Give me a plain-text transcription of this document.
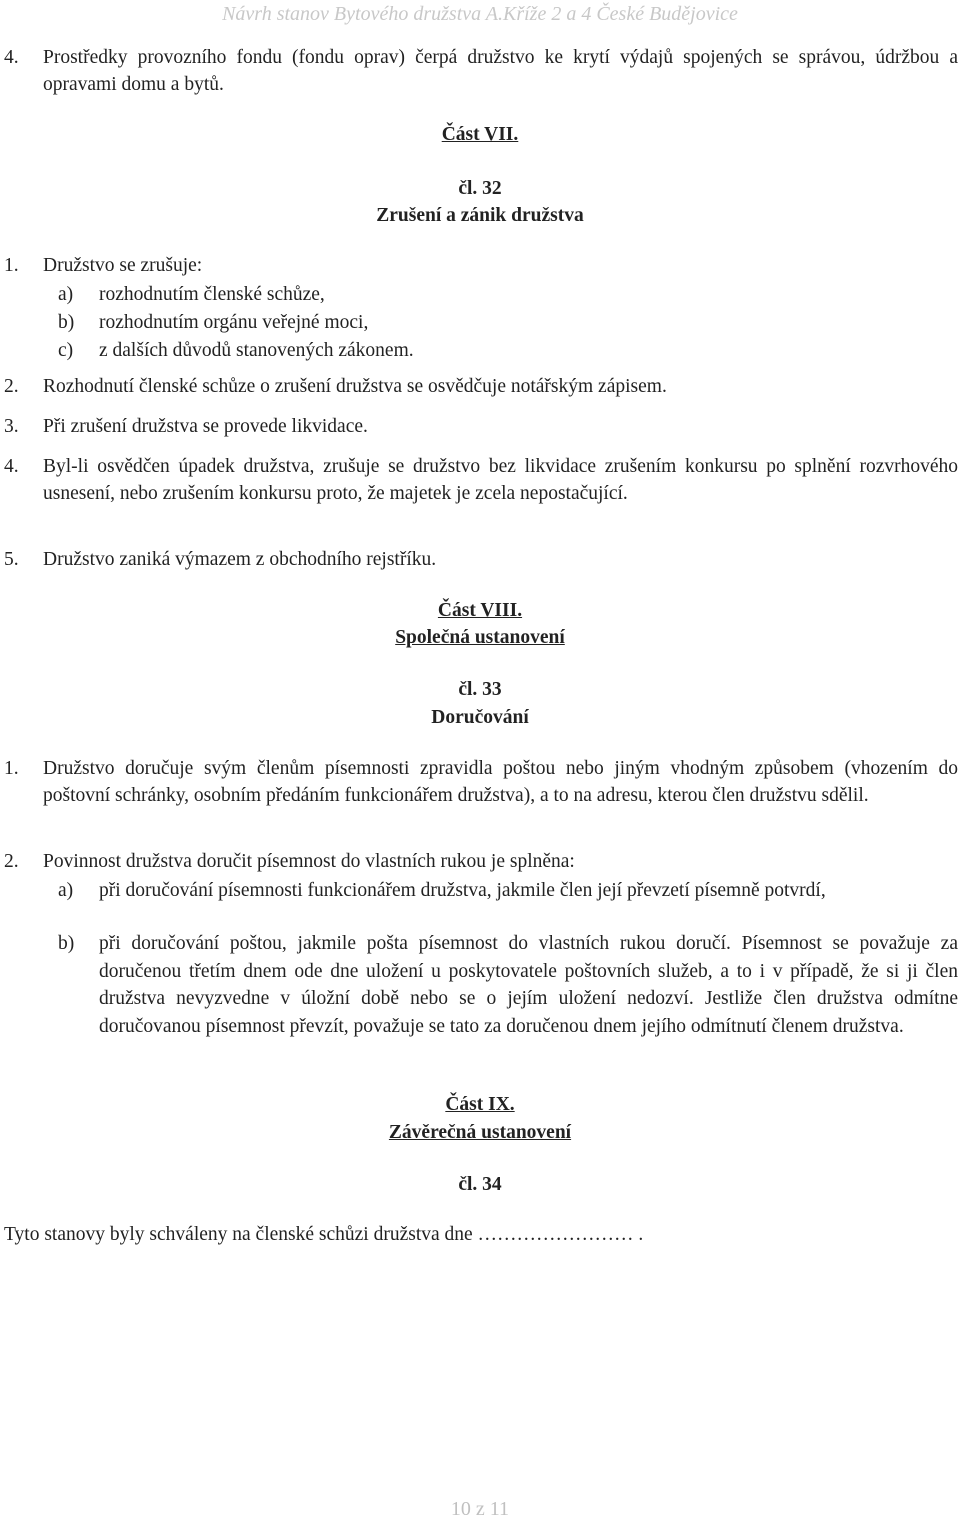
Návrh stanov Bytového družstva A.Kříže 2 a 4 České Budějovice
4. Prostředky provozního fondu (fondu oprav) čerpá družstvo ke krytí výdajů spojených se správou, údržbou a opravami domu a bytů.
Část VII.
čl. 32
Zrušení a zánik družstva
1. Družstvo se zrušuje:
a) rozhodnutím členské schůze,
b) rozhodnutím orgánu veřejné moci,
c) z dalších důvodů stanovených zákonem.
2. Rozhodnutí členské schůze o zrušení družstva se osvědčuje notářským zápisem.
3. Při zrušení družstva se provede likvidace.
4. Byl-li osvědčen úpadek družstva, zrušuje se družstvo bez likvidace zrušením konkursu po splnění rozvrhového usnesení, nebo zrušením konkursu proto, že majetek je zcela nepostačující.
5. Družstvo zaniká výmazem z obchodního rejstříku.
Část VIII.
Společná ustanovení
čl. 33
Doručování
1. Družstvo doručuje svým členům písemnosti zpravidla poštou nebo jiným vhodným způsobem (vhozením do poštovní schránky, osobním předáním funkcionářem družstva), a to na adresu, kterou člen družstvu sdělil.
2. Povinnost družstva doručit písemnost do vlastních rukou je splněna:
a) při doručování písemnosti funkcionářem družstva, jakmile člen její převzetí písemně potvrdí,
b) při doručování poštou, jakmile pošta písemnost do vlastních rukou doručí. Písemnost se považuje za doručenou třetím dnem ode dne uložení u poskytovatele poštovních služeb, a to i v případě, že si ji člen družstva nevyzvedne v úložní době nebo se o jejím uložení nedozví. Jestliže člen družstva odmítne doručovanou písemnost převzít, považuje se tato za doručenou dnem jejího odmítnutí členem družstva.
Část IX.
Závěrečná ustanovení
čl. 34
Tyto stanovy byly schváleny na členské schůzi družstva dne …………………… .
10 z 11
